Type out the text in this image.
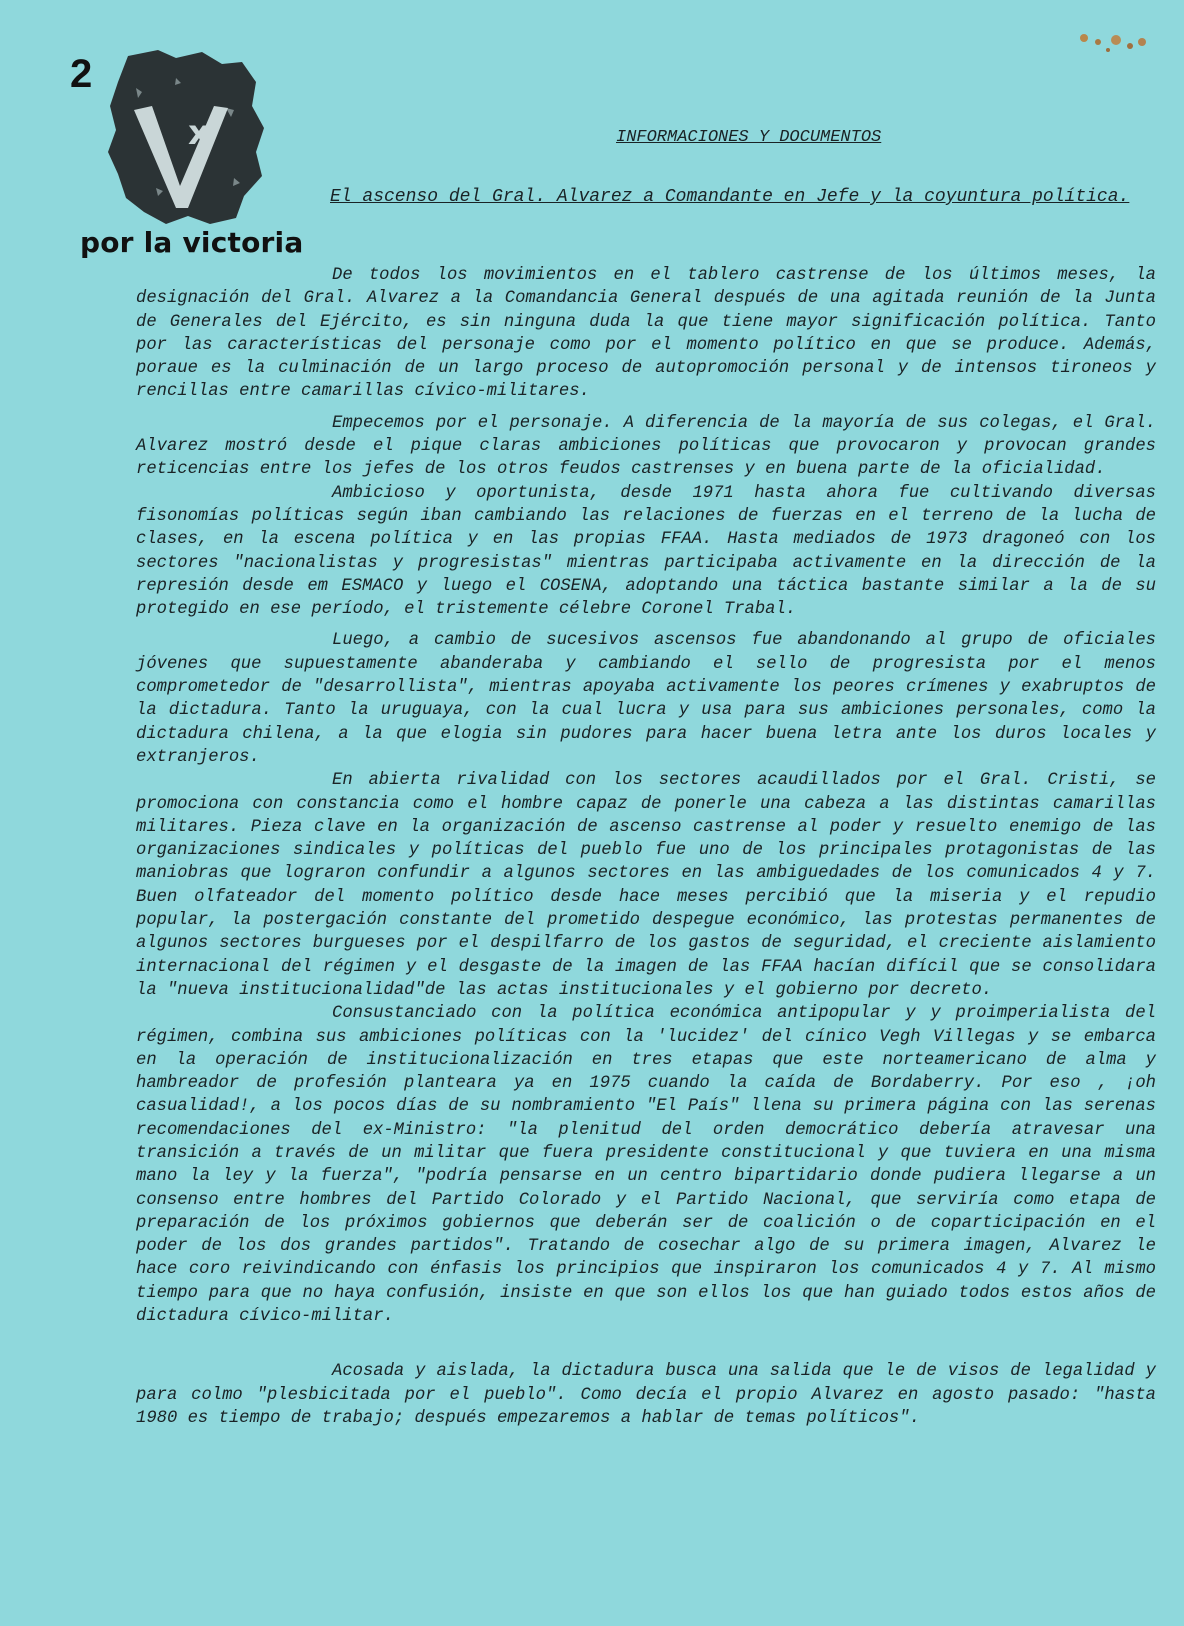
2
x
por la victoria
INFORMACIONES Y DOCUMENTOS
El ascenso del Gral. Alvarez a Comandante en Jefe y la coyuntura política.

De todos los movimientos en el tablero castrense de los últimos meses, la designación del Gral. Alvarez a la Comandancia General después de una agitada reunión de la Junta de Generales del Ejército, es sin ninguna duda la que tiene mayor significación política. Tanto por las características del personaje como por el momento político en que se produce. Además, poraue es la culminación de un largo proceso de autopromoción personal y de intensos tironeos y rencillas entre camarillas cívico-militares.

Empecemos por el personaje. A diferencia de la mayoría de sus colegas, el Gral. Alvarez mostró desde el pique claras ambiciones políticas que provocaron y provocan grandes reticencias entre los jefes de los otros feudos castrenses y en buena parte de la oficialidad.

Ambicioso y oportunista, desde 1971 hasta ahora fue cultivando diversas fisonomías políticas según iban cambiando las relaciones de fuerzas en el terreno de la lucha de clases, en la escena política y en las propias FFAA. Hasta mediados de 1973 dragoneó con los sectores "nacionalistas y progresistas" mientras participaba activamente en la dirección de la represión desde em ESMACO y luego el COSENA, adoptando una táctica bastante similar a la de su protegido en ese período, el tristemente célebre Coronel Trabal.

Luego, a cambio de sucesivos ascensos fue abandonando al grupo de oficiales jóvenes que supuestamente abanderaba y cambiando el sello de progresista por el menos comprometedor de "desarrollista", mientras apoyaba activamente los peores crímenes y exabruptos de la dictadura. Tanto la uruguaya, con la cual lucra y usa para sus ambiciones personales, como la dictadura chilena, a la que elogia sin pudores para hacer buena letra ante los duros locales y extranjeros.

En abierta rivalidad con los sectores acaudillados por el Gral. Cristi, se promociona con constancia como el hombre capaz de ponerle una cabeza a las distintas camarillas militares. Pieza clave en la organización de ascenso castrense al poder y resuelto enemigo de las organizaciones sindicales y políticas del pueblo fue uno de los principales protagonistas de las maniobras que lograron confundir a algunos sectores en las ambiguedades de los comunicados 4 y 7. Buen olfateador del momento político desde hace meses percibió que la miseria y el repudio popular, la postergación constante del prometido despegue económico, las protestas permanentes de algunos sectores burgueses por el despilfarro de los gastos de seguridad, el creciente aislamiento internacional del régimen y el desgaste de la imagen de las FFAA hacían difícil que se consolidara la "nueva institucionalidad"de las actas institucionales y el gobierno por decreto.

Consustanciado con la política económica antipopular y y proimperialista del régimen, combina sus ambiciones políticas con la 'lucidez' del cínico Vegh Villegas y se embarca en la operación de institucionalización en tres etapas que este norteamericano de alma y hambreador de profesión planteara ya en 1975 cuando la caída de Bordaberry. Por eso , ¡oh casualidad!, a los pocos días de su nombramiento "El País" llena su primera página con las serenas recomendaciones del ex-Ministro: "la plenitud del orden democrático debería atravesar una transición a través de un militar que fuera presidente constitucional y que tuviera en una misma mano la ley y la fuerza", "podría pensarse en un centro bipartidario donde pudiera llegarse a un consenso entre hombres del Partido Colorado y el Partido Nacional, que serviría como etapa de preparación de los próximos gobiernos que deberán ser de coalición o de coparticipación en el poder de los dos grandes partidos". Tratando de cosechar algo de su primera imagen, Alvarez le hace coro reivindicando con énfasis los principios que inspiraron los comunicados 4 y 7. Al mismo tiempo para que no haya confusión, insiste en que son ellos los que han guiado todos estos años de dictadura cívico-militar.

Acosada y aislada, la dictadura busca una salida que le de visos de legalidad y para colmo "plesbicitada por el pueblo". Como decía el propio Alvarez en agosto pasado: "hasta 1980 es tiempo de trabajo; después empezaremos a hablar de temas políticos".
